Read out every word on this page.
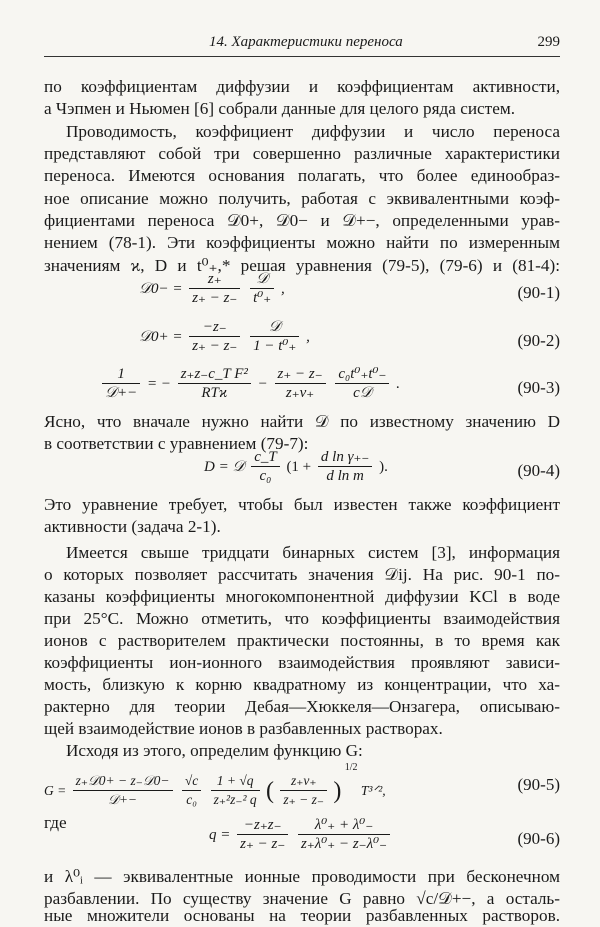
14. Характеристики переноса	299
по коэффициентам диффузии и коэффициентам активности,
а Чэпмен и Ньюмен [6] собрали данные для целого ряда систем.
Проводимость, коэффициент диффузии и число переноса
представляют собой три совершенно различные характеристики
переноса. Имеются основания полагать, что более единообраз-
ное описание можно получить, работая с эквивалентными коэф-
фициентами переноса 𝒟0+, 𝒟0− и 𝒟+−, определенными урав-
нением (78-1). Эти коэффициенты можно найти по измеренным
значениям ϰ, D и t⁰₊,* решая уравнения (79-5), (79-6) и (81-4):
𝒟0− = $\frac{z_+}{z_+ - z_-}$
	𝒟
t⁰₊
,	(90-1)
𝒟0+ = $\frac{-z_-}{z_+ - z_-}$
	𝒟
1 − t⁰₊
,	(90-2)
1
𝒟+−
= −
z₊z₋c_T F²
RTϰ
− $\frac{z_+ - z_-}{z_+\nu_+}$
c₀t⁰₊t⁰₋
c𝒟
.	(90-3)
Ясно, что вначале нужно найти 𝒟 по известному значению D
в соответствии с уравнением (79-7):
D = 𝒟 $\frac{c\_T}{\text{c₀}} (1 + \frac{\text{d ln γ₊₋}}{\text{d ln m}}$ ).	(90-4)
Это уравнение требует, чтобы был известен также коэффициент
активности (задача 2-1).
Имеется свыше тридцати бинарных систем [3], информация
о которых позволяет рассчитать значения 𝒟ij. На рис. 90-1 по-
казаны коэффициенты многокомпонентной диффузии KCl в воде
при 25°С. Можно отметить, что коэффициенты взаимодействия
ионов с растворителем практически постоянны, в то время как
коэффициенты ион-ионного взаимодействия проявляют зависи-
мость, близкую к корню квадратному из концентрации, что ха-
рактерно для теории Дебая—Хюккеля—Онзагера, описываю-
щей взаимодействие ионов в разбавленных растворах.
Исходя из этого, определим функцию G:
G =
z₊𝒟0+ − z₋𝒟0−
𝒟+−
	$\frac{√c}{\text{c₀}}$
$\frac{1 + √q}{\text{z₊²z₋² q}}$ ( $\frac{z_+\nu_+}{z_+ - z_-}$ ) $^{1/2}$ T³ᐟ²,	(90-5)
где
$q = \frac{-z_+z_-}{z_+ - z_-}$
$\frac{\text{λ⁰₊ + λ⁰₋}}{\text{z₊λ⁰₊ − z₋λ⁰₋}}$	(90-6)
и λ⁰ᵢ — эквивалентные ионные проводимости при бесконечном
разбавлении. По существу значение G равно √c/𝒟+−, а осталь-
ные множители основаны на теории разбавленных растворов.
